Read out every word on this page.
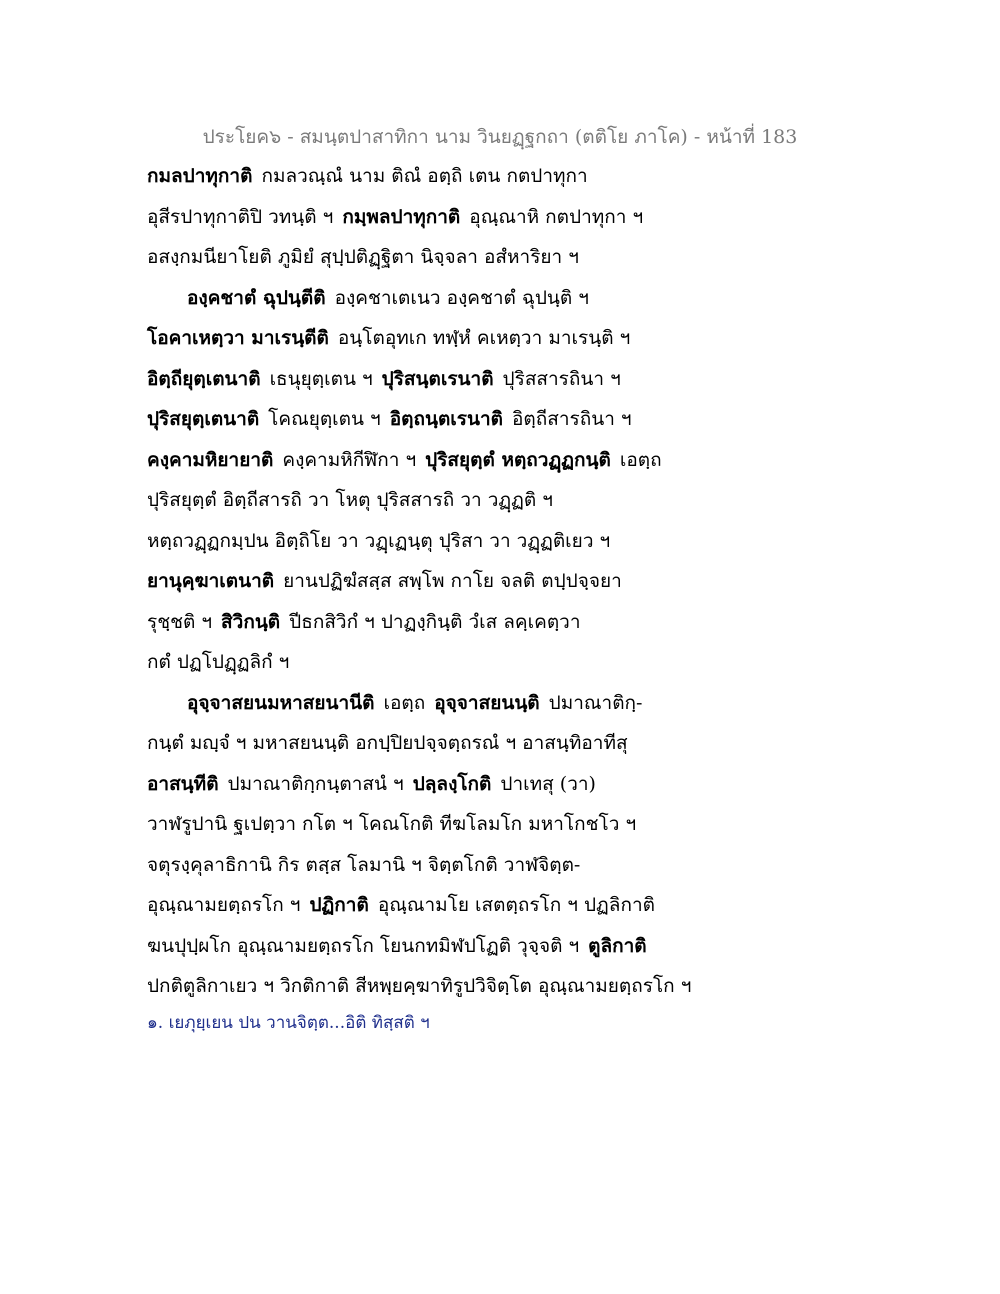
ประโยค๖ - สมนฺตปาสาทิกา นาม วินยฏฺฐกถา (ตติโย ภาโค) - หน้าที่ 183
กมลปาทุกาติ กมลวณฺณํ นาม ติณํ อตฺถิ เตน กตปาทุกา
อุสีรปาทุกาติปิ วทนฺติ ฯ กมฺพลปาทุกาติ อุณฺณาหิ กตปาทุกา ฯ
อสงฺกมนียาโยติ ภูมิยํ สุปฺปติฏฺฐิตา นิจฺจลา อสํหาริยา ฯ
องฺคชาตํ ฉุปนฺตีติ องฺคชาเตเนว องฺคชาตํ ฉุปนฺติ ฯ
โอคาเหตฺวา มาเรนฺตีติ อนฺโตอุทเก ทฬฺหํ คเหตฺวา มาเรนฺติ ฯ
อิตฺถียุตฺเตนาติ เธนุยุตฺเตน ฯ ปุริสนฺตเรนาติ ปุริสสารถินา ฯ
ปุริสยุตฺเตนาติ โคณยุตฺเตน ฯ อิตฺถนฺตเรนาติ อิตฺถีสารถินา ฯ
คงฺคามหิยายาติ คงฺคามหิกีฬิกา ฯ ปุริสยุตฺตํ หตฺถวฏฺฏกนฺติ เอตฺถ
ปุริสยุตฺตํ อิตฺถีสารถิ วา โหตุ ปุริสสารถิ วา วฏฺฏติ ฯ
หตฺถวฏฺฏกมฺปน อิตฺถิโย วา วฏฺเฏนฺตุ ปุริสา วา วฏฺฏติเยว ฯ
ยานุคฺฆาเตนาติ ยานปฏิฆํสสฺส สพฺโพ กาโย จลติ ตปฺปจฺจยา
รุชฺชติ ฯ สิวิกนฺติ ปีธกสิวิกํ ฯ ปาฏงฺกินฺติ วํเส ลคฺเคตฺวา
กตํ ปฏโปฏฺฏลิกํ ฯ
อุจฺจาสยนมหาสยนานีติ เอตฺถ อุจฺจาสยนนฺติ ปมาณาติกฺ-
กนฺตํ มญฺจํ ฯ มหาสยนนฺติ อกปฺปิยปจฺจตฺถรณํ ฯ อาสนฺทิอาทีสุ
อาสนฺทีติ ปมาณาติกฺกนฺตาสนํ ฯ ปลฺลงฺโกติ ปาเทสุ (วา)
วาฬรูปานิ ฐเปตฺวา กโต ฯ โคณโกติ ทีฆโลมโก มหาโกชโว ฯ
จตุรงฺคุลาธิกานิ กิร ตสฺส โลมานิ ฯ จิตฺตโกติ วาฬจิตฺต-
อุณฺณามยตฺถรโก ฯ ปฏิกาติ อุณฺณามโย เสตตฺถรโก ฯ ปฏลิกาติ
ฆนปุปฺผโก อุณฺณามยตฺถรโก โยนกทมิฬปโฏติ วุจฺจติ ฯ ตูลิกาติ
ปกติตูลิกาเยว ฯ วิกติกาติ สีหพฺยคฺฆาทิรูปวิจิตฺโต อุณฺณามยตฺถรโก ฯ
๑. เยภุยฺเยน ปน วานจิตฺต...อิติ ทิสฺสติ ฯ
